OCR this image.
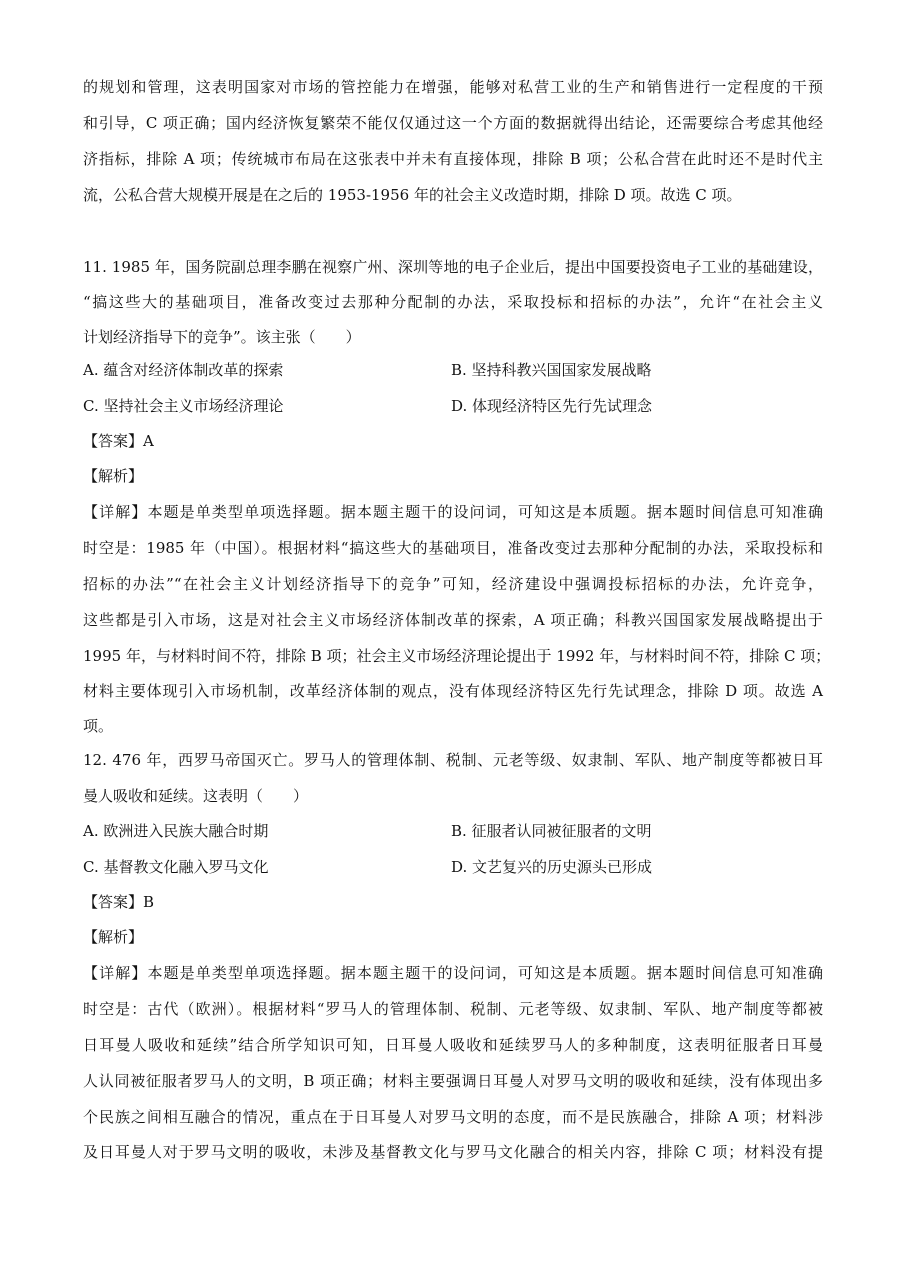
的规划和管理，这表明国家对市场的管控能力在增强，能够对私营工业的生产和销售进行一定程度的干预
和引导，C 项正确；国内经济恢复繁荣不能仅仅通过这一个方面的数据就得出结论，还需要综合考虑其他经
济指标，排除 A 项；传统城市布局在这张表中并未有直接体现，排除 B 项；公私合营在此时还不是时代主
流，公私合营大规模开展是在之后的 1953-1956 年的社会主义改造时期，排除 D 项。故选 C 项。
11. 1985 年，国务院副总理李鹏在视察广州、深圳等地的电子企业后，提出中国要投资电子工业的基础建设，
“搞这些大的基础项目，准备改变过去那种分配制的办法，采取投标和招标的办法”，允许“在社会主义
计划经济指导下的竞争”。该主张（　　）
A. 蕴含对经济体制改革的探索	B. 坚持科教兴国国家发展战略
C. 坚持社会主义市场经济理论	D. 体现经济特区先行先试理念
【答案】A
【解析】
【详解】本题是单类型单项选择题。据本题主题干的设问词，可知这是本质题。据本题时间信息可知准确
时空是：1985 年（中国）。根据材料“搞这些大的基础项目，准备改变过去那种分配制的办法，采取投标和
招标的办法”“在社会主义计划经济指导下的竞争”可知，经济建设中强调投标招标的办法，允许竞争，
这些都是引入市场，这是对社会主义市场经济体制改革的探索，A 项正确；科教兴国国家发展战略提出于
1995 年，与材料时间不符，排除 B 项；社会主义市场经济理论提出于 1992 年，与材料时间不符，排除 C 项；
材料主要体现引入市场机制，改革经济体制的观点，没有体现经济特区先行先试理念，排除 D 项。故选 A
项。
12. 476 年，西罗马帝国灭亡。罗马人的管理体制、税制、元老等级、奴隶制、军队、地产制度等都被日耳
曼人吸收和延续。这表明（　　）
A. 欧洲进入民族大融合时期	B. 征服者认同被征服者的文明
C. 基督教文化融入罗马文化	D. 文艺复兴的历史源头已形成
【答案】B
【解析】
【详解】本题是单类型单项选择题。据本题主题干的设问词，可知这是本质题。据本题时间信息可知准确
时空是：古代（欧洲）。根据材料“罗马人的管理体制、税制、元老等级、奴隶制、军队、地产制度等都被
日耳曼人吸收和延续”结合所学知识可知，日耳曼人吸收和延续罗马人的多种制度，这表明征服者日耳曼
人认同被征服者罗马人的文明，B 项正确；材料主要强调日耳曼人对罗马文明的吸收和延续，没有体现出多
个民族之间相互融合的情况，重点在于日耳曼人对罗马文明的态度，而不是民族融合，排除 A 项；材料涉
及日耳曼人对于罗马文明的吸收，未涉及基督教文化与罗马文化融合的相关内容，排除 C 项；材料没有提
